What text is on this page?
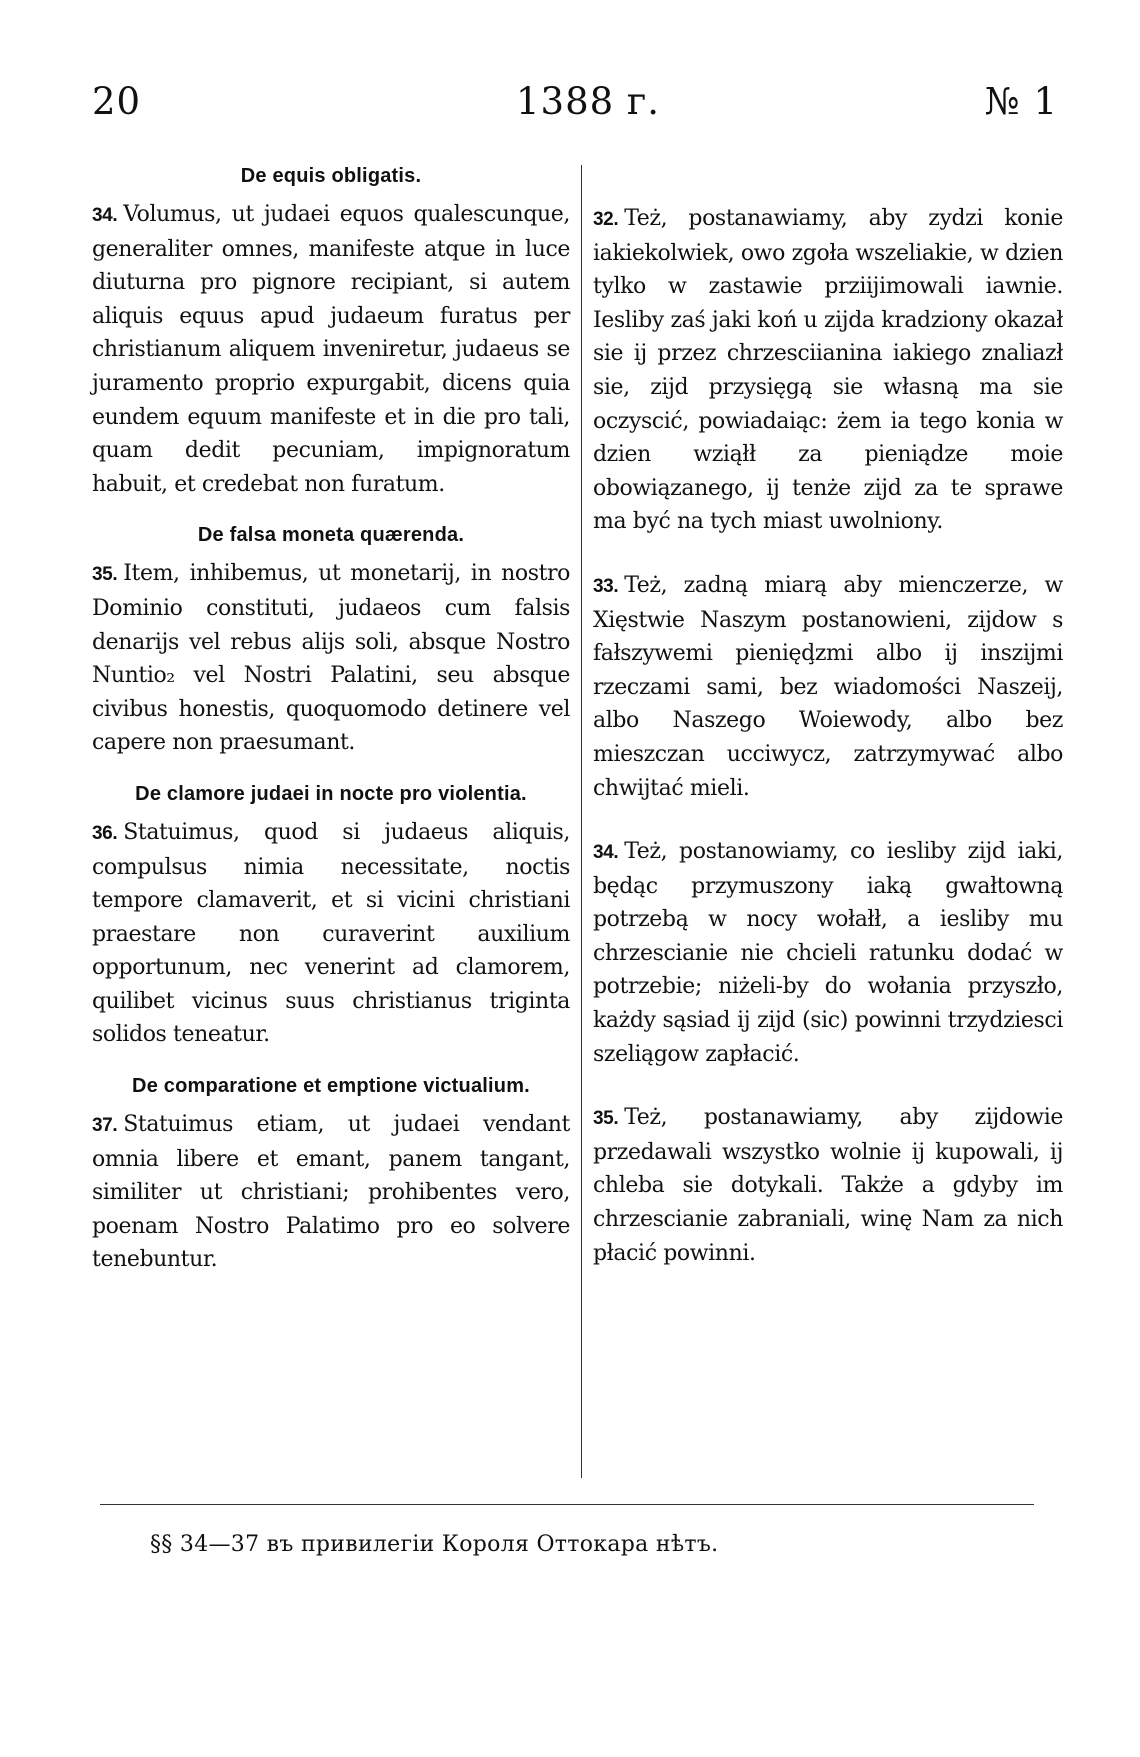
20	1388 г.	№ 1
De equis obligatis.

34. Volumus, ut judaei equos qualescunque, generaliter omnes, manifeste atque in luce diuturna pro pignore recipiant, si autem aliquis equus apud judaeum furatus per christianum aliquem inveniretur, judaeus se juramento proprio expurgabit, dicens quia eundem equum manifeste et in die pro tali, quam dedit pecuniam, impignoratum habuit, et credebat non furatum.

De falsa moneta quærenda.

35. Item, inhibemus, ut monetarij, in nostro Dominio constituti, judaeos cum falsis denarijs vel rebus alijs soli, absque Nostro Nuntio₂ vel Nostri Palatini, seu absque civibus honestis, quoquomodo detinere vel capere non praesumant.

De clamore judaei in nocte pro violentia.

36. Statuimus, quod si judaeus aliquis, compulsus nimia necessitate, noctis tempore clamaverit, et si vicini christiani praestare non curaverint auxilium opportunum, nec venerint ad clamorem, quilibet vicinus suus christianus triginta solidos teneatur.

De comparatione et emptione victualium.

37. Statuimus etiam, ut judaei vendant omnia libere et emant, panem tangant, similiter ut christiani; prohibentes vero, poenam Nostro Palatimo pro eo solvere tenebuntur.

32. Też, postanawiamy, aby zydzi konie iakiekolwiek, owo zgoła wszeliakie, w dzien tylko w zastawie prziijimowali iawnie. Iesliby zaś jaki koń u zijda kradziony okazał sie ij przez chrzesciianina iakiego znaliazł sie, zijd przysięgą sie własną ma sie oczyscić, powiadaiąc: żem ia tego konia w dzien wziąłł za pieniądze moie obowiązanego, ij tenże zijd za te sprawe ma być na tych miast uwolniony.

33. Też, zadną miarą aby mienczerze, w Xięstwie Naszym postanowieni, zijdow s fałszywemi pienięḑzmi albo ij inszijmi rzeczami sami, bez wiadomości Naszeij, albo Naszego Woiewody, albo bez mieszczan ucciwycz, zatrzymywać albo chwijtać mieli.

34. Też, postanowiamy, co iesliby zijd iaki, będąc przymuszony iaką gwałtowną potrzebą w nocy wołałł, a iesliby mu chrzescianie nie chcieli ratunku dodać w potrzebie; niżeli-by do wołania przyszło, każdy sąsiad ij zijd (sic) powinni trzydziesci szeliągow zapłacić.

35. Też, postanawiamy, aby zijdowie przedawali wszystko wolnie ij kupowali, ij chleba sie dotykali. Także a gdyby im chrzescianie zabraniali, winę Nam za nich płacić powinni.

§§ 34—37 въ привилегіи Короля Оттокара нѣтъ.
